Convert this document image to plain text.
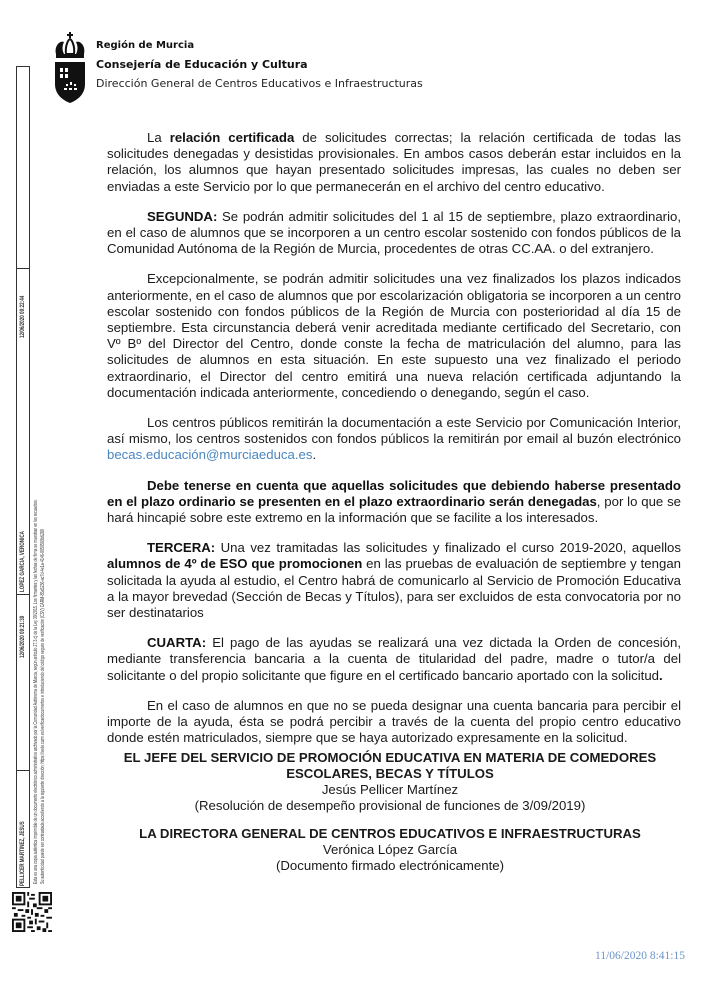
Región de Murcia
Consejería de Educación y Cultura
Dirección General de Centros Educativos e Infraestructuras
PELLICER MARTINEZ, JESUS
12/06/2020 09:21:39
LOPEZ GARCIA, VERONICA
12/06/2020 09:22:44
Esta es una copia auténtica imprimible de un documento electrónico administrativo archivado por la Comunidad Autónoma de Murcia, según artículo 27.3.c) de la Ley 39/2015. Los firmantes y las fechas de firma se muestran en los recuadros. Su autenticidad puede ser contrastada accediendo a la siguiente dirección: https://sede.carm.es/verificardocumentos e introduciendo del código seguro de verificación (CSV) CARM-85a5236-ac7d-4e1a-4146-0050569b6280

La relación certificada de solicitudes correctas; la relación certificada de todas las solicitudes denegadas y desistidas provisionales. En ambos casos deberán estar incluidos en la relación, los alumnos que hayan presentado solicitudes impresas, las cuales no deben ser enviadas a este Servicio por lo que permanecerán en el archivo del centro educativo.

SEGUNDA: Se podrán admitir solicitudes del 1 al 15 de septiembre, plazo extraordinario, en el caso de alumnos que se incorporen a un centro escolar sostenido con fondos públicos de la Comunidad Autónoma de la Región de Murcia, procedentes de otras CC.AA. o del extranjero.

Excepcionalmente, se podrán admitir solicitudes una vez finalizados los plazos indicados anteriormente, en el caso de alumnos que por escolarización obligatoria se incorporen a un centro escolar sostenido con fondos públicos de la Región de Murcia con posterioridad al día 15 de septiembre. Esta circunstancia deberá venir acreditada mediante certificado del Secretario, con Vº Bº del Director del Centro, donde conste la fecha de matriculación del alumno, para las solicitudes de alumnos en esta situación. En este supuesto una vez finalizado el periodo extraordinario, el Director del centro emitirá una nueva relación certificada adjuntando la documentación indicada anteriormente, concediendo o denegando, según el caso.

Los centros públicos remitirán la documentación a este Servicio por Comunicación Interior, así mismo, los centros sostenidos con fondos públicos la remitirán por email al buzón electrónico becas.educación@murciaeduca.es.

Debe tenerse en cuenta que aquellas solicitudes que debiendo haberse presentado en el plazo ordinario se presenten en el plazo extraordinario serán denegadas, por lo que se hará hincapié sobre este extremo en la información que se facilite a los interesados.

TERCERA: Una vez tramitadas las solicitudes y finalizado el curso 2019-2020, aquellos alumnos de 4º de ESO que promocionen en las pruebas de evaluación de septiembre y tengan solicitada la ayuda al estudio, el Centro habrá de comunicarlo al Servicio de Promoción Educativa a la mayor brevedad (Sección de Becas y Títulos), para ser excluidos de esta convocatoria por no ser destinatarios

CUARTA: El pago de las ayudas se realizará una vez dictada la Orden de concesión, mediante transferencia bancaria a la cuenta de titularidad del padre, madre o tutor/a del solicitante o del propio solicitante que figure en el certificado bancario aportado con la solicitud.

En el caso de alumnos en que no se pueda designar una cuenta bancaria para percibir el importe de la ayuda, ésta se podrá percibir a través de la cuenta del propio centro educativo donde estén matriculados, siempre que se haya autorizado expresamente en la solicitud.

EL JEFE DEL SERVICIO DE PROMOCIÓN EDUCATIVA EN MATERIA DE COMEDORES ESCOLARES, BECAS Y TÍTULOS
Jesús Pellicer Martínez
(Resolución de desempeño provisional de funciones de 3/09/2019)
LA DIRECTORA GENERAL DE CENTROS EDUCATIVOS E INFRAESTRUCTURAS
Verónica López García
(Documento firmado electrónicamente)
11/06/2020 8:41:15
